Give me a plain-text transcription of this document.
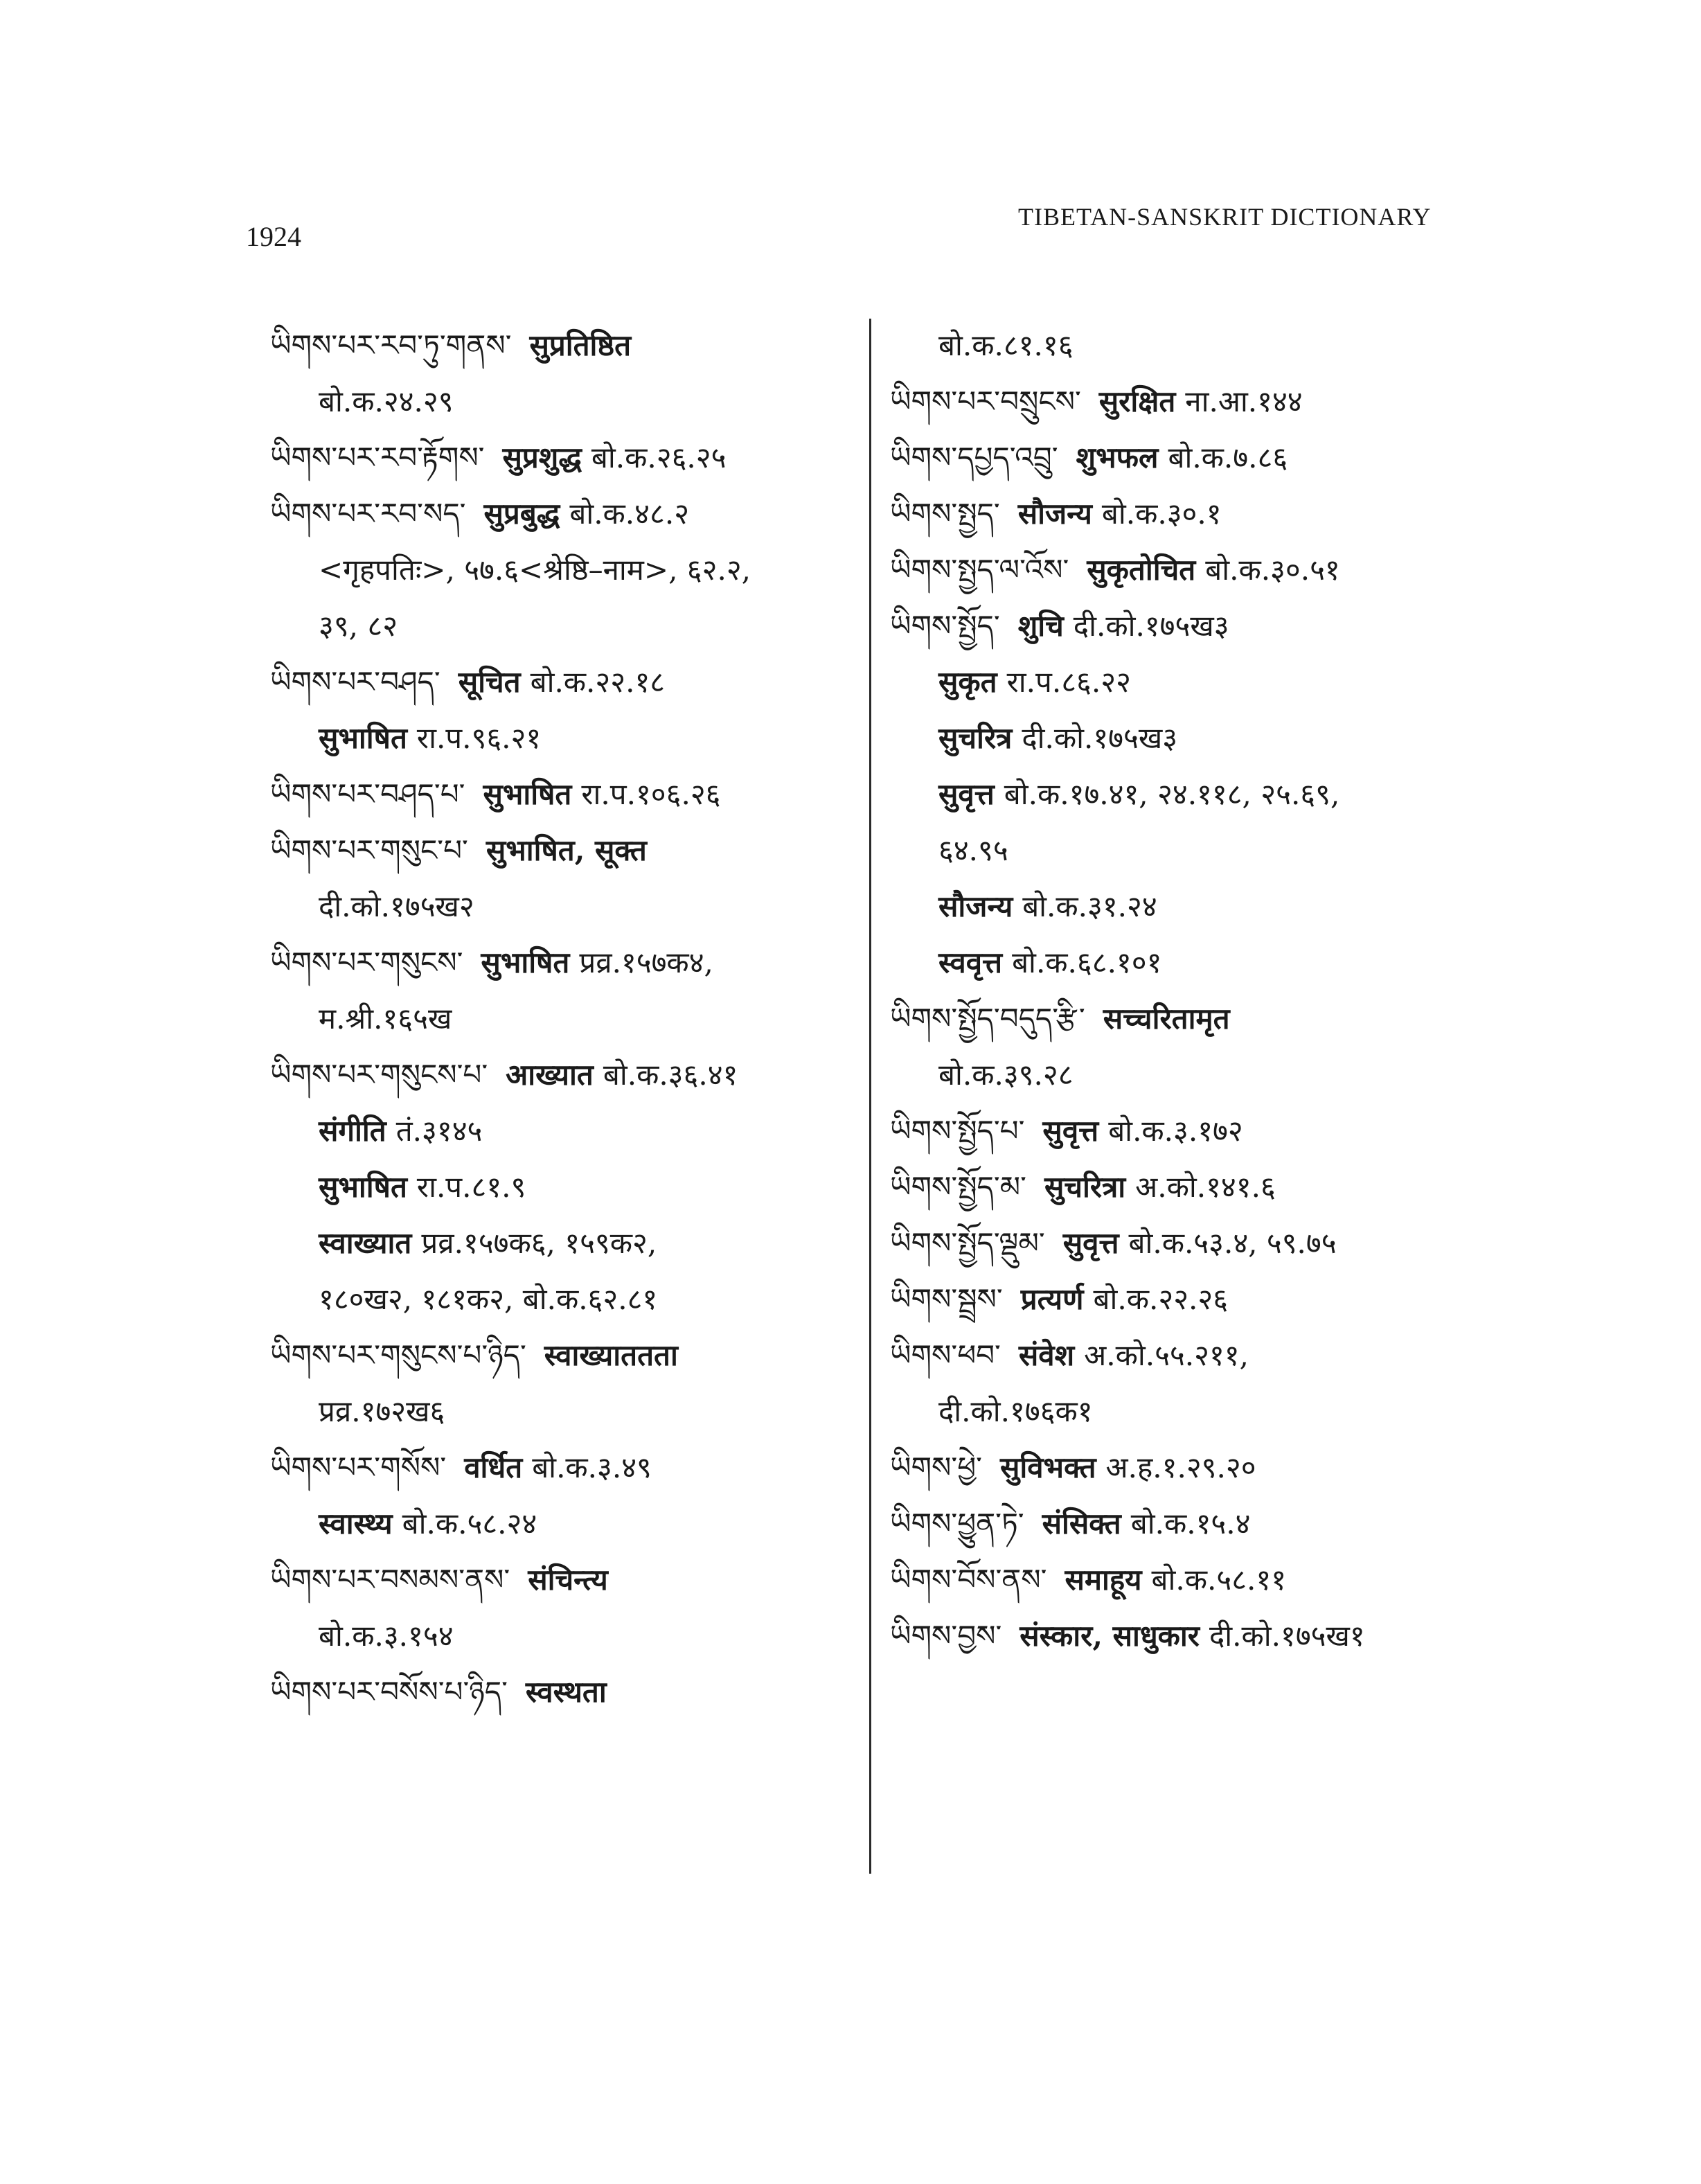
1924
TIBETAN-SANSKRIT DICTIONARY
ཡིགས་པར་རབ་ཏུ་གནས་ सुप्रतिष्ठित
बो.क.२४.२९
ཡིགས་པར་རབ་རྟོགས་ सुप्रशुद्ध बो.क.२६.२५
ཡིགས་པར་རབ་སད་ सुप्रबुद्ध बो.क.४८.२
<गृहपतिः>, ५७.६<श्रेष्ठि–नाम>, ६२.२,
३९, ८२
ཡིགས་པར་བཤད་ सूचित बो.क.२२.१८
सुभाषित रा.प.९६.२१
ཡིགས་པར་བཤད་པ་ सुभाषित रा.प.१०६.२६
ཡིགས་པར་གསུང་པ་ सुभाषित, सूक्त
दी.को.१७५ख२
ཡིགས་པར་གསུངས་ सुभाषित प्रव्र.१५७क४,
म.श्री.१६५ख
ཡིགས་པར་གསུངས་པ་ आख्यात बो.क.३६.४१
संगीति तं.३१४५
सुभाषित रा.प.८१.९
स्वाख्यात प्रव्र.१५७क६, १५९क२,
१८०ख२, १८१क२, बो.क.६२.८१
ཡིགས་པར་གསུངས་པ་ཉིད་ स्वाख्याततता
प्रव्र.१७२ख६
ཡིགས་པར་གསོས་ वर्धित बो.क.३.४९
स्वास्थ्य बो.क.५८.२४
ཡིགས་པར་བསམས་ནས་ संचिन्त्य
बो.क.३.१५४
ཡིགས་པར་བསོས་པ་ཉིད་ स्वस्थता
बो.क.८१.१६
ཡིགས་པར་བསྲུངས་ सुरक्षित ना.आ.१४४
ཡིགས་དཔྱད་འབྲུ་ शुभफल बो.क.७.८६
ཡིགས་སྤྱད་ सौजन्य बो.क.३०.१
ཡིགས་སྤྱད་ལ་འོས་ सुकृतोचित बो.क.३०.५१
ཡིགས་སྤྱོད་ शुचि दी.को.१७५ख३
सुकृत रा.प.८६.२२
सुचरित्र दी.को.१७५ख३
सुवृत्त बो.क.१७.४१, २४.११८, २५.६९,
६४.९५
सौजन्य बो.क.३१.२४
स्ववृत्त बो.क.६८.१०१
ཡིགས་སྤྱོད་བདུད་རྩི་ सच्चरितामृत
बो.क.३९.२८
ཡིགས་སྤྱོད་པ་ सुवृत्त बो.क.३.१७२
ཡིགས་སྤྱོད་མ་ सुचरित्रा अ.को.१४१.६
ཡིགས་སྤྱོད་ལྡུམ་ सुवृत्त बो.क.५३.४, ५९.७५
ཡིགས་སྦྲས་ प्रत्यर्ण बो.क.२२.२६
ཡིགས་ཕབ་ संवेश अ.को.५५.२११,
दी.को.१७६क१
ཡིགས་ཕྱེ་ सुविभक्त अ.ह.१.२९.२०
ཡིགས་ཕྱུན་ཏེ་ संसिक्त बो.क.१५.४
ཡིགས་བོས་ནས་ समाहूय बो.क.५८.११
ཡིགས་བྱས་ संस्कार, साधुकार दी.को.१७५ख१
